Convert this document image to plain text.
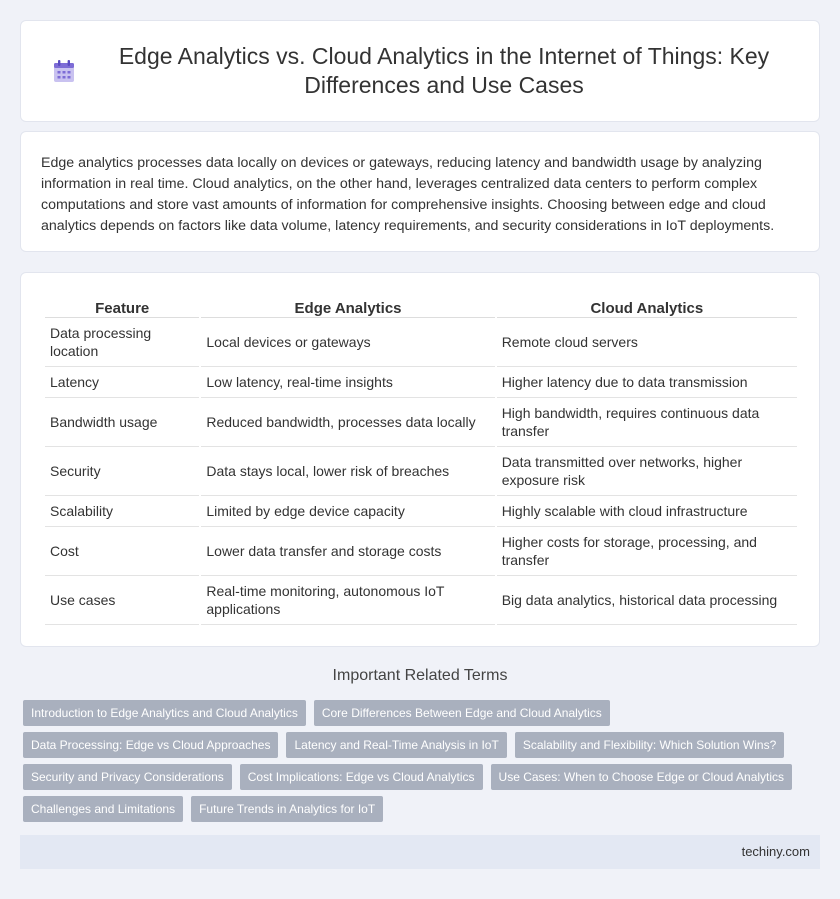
Edge Analytics vs. Cloud Analytics in the Internet of Things: Key Differences and Use Cases

Edge analytics processes data locally on devices or gateways, reducing latency and bandwidth usage by analyzing information in real time. Cloud analytics, on the other hand, leverages centralized data centers to perform complex computations and store vast amounts of information for comprehensive insights. Choosing between edge and cloud analytics depends on factors like data volume, latency requirements, and security considerations in IoT deployments.

Feature	Edge Analytics	Cloud Analytics
Data processing location	Local devices or gateways	Remote cloud servers
Latency	Low latency, real-time insights	Higher latency due to data transmission
Bandwidth usage	Reduced bandwidth, processes data locally	High bandwidth, requires continuous data transfer
Security	Data stays local, lower risk of breaches	Data transmitted over networks, higher exposure risk
Scalability	Limited by edge device capacity	Highly scalable with cloud infrastructure
Cost	Lower data transfer and storage costs	Higher costs for storage, processing, and transfer
Use cases	Real-time monitoring, autonomous IoT applications	Big data analytics, historical data processing
Important Related Terms
Introduction to Edge Analytics and Cloud Analytics	Core Differences Between Edge and Cloud Analytics
Data Processing: Edge vs Cloud Approaches	Latency and Real-Time Analysis in IoT	Scalability and Flexibility: Which Solution Wins?
Security and Privacy Considerations	Cost Implications: Edge vs Cloud Analytics	Use Cases: When to Choose Edge or Cloud Analytics
Challenges and Limitations	Future Trends in Analytics for IoT
techiny.com
